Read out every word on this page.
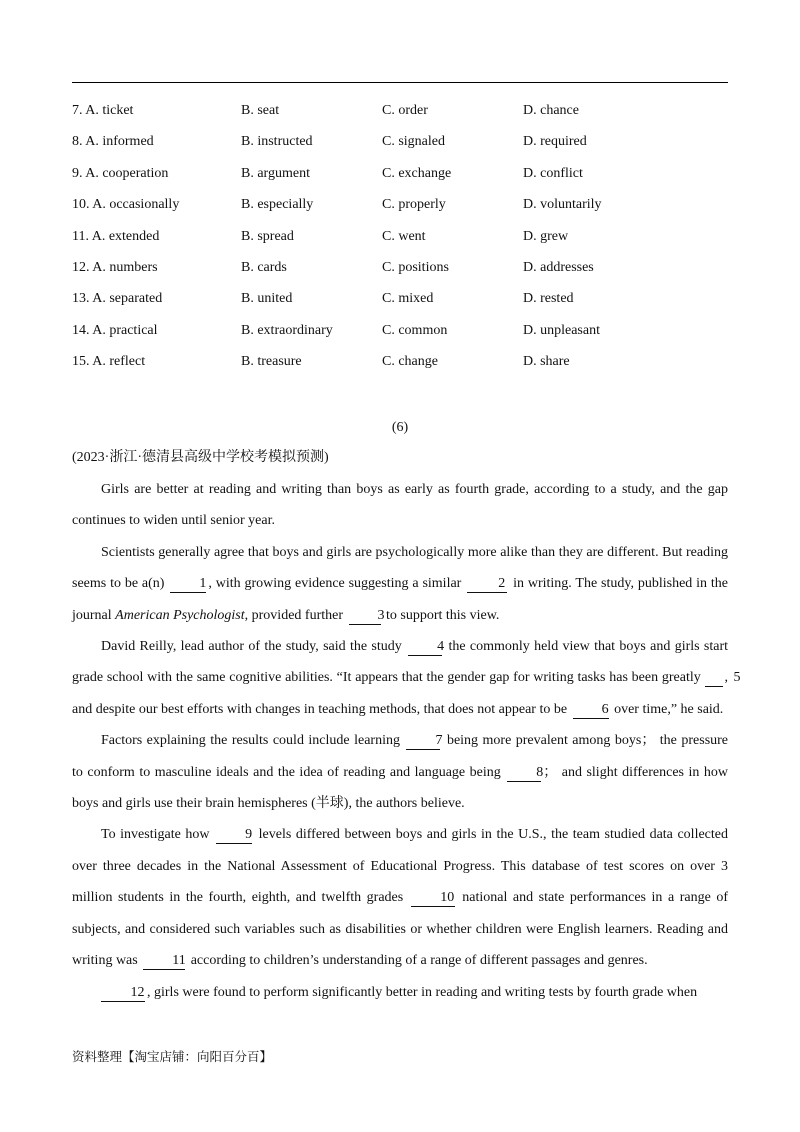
7. A. ticket	B. seat	C. order	D. chance
8. A. informed	B. instructed	C. signaled	D. required
9. A. cooperation	B. argument	C. exchange	D. conflict
10. A. occasionally	B. especially	C. properly	D. voluntarily
11. A. extended	B. spread	C. went	D. grew
12. A. numbers	B. cards	C. positions	D. addresses
13. A. separated	B. united	C. mixed	D. rested
14. A. practical	B. extraordinary	C. common	D. unpleasant
15. A. reflect	B. treasure	C. change	D. share
(6)
(2023·浙江·德清县高级中学校考模拟预测)

Girls are better at reading and writing than boys as early as fourth grade, according to a study, and the gap continues to widen until senior year.

Scientists generally agree that boys and girls are psychologically more alike than they are different. But reading seems to be a(n) 1 , with growing evidence suggesting a similar	2 in writing. The study, published in the journal American Psychologist, provided further 3 to support this view.

David Reilly, lead author of the study, said the study	4 the commonly held view that boys and girls start grade school with the same cognitive abilities. “It appears that the gender gap for writing tasks has been greatly 5, and despite our best efforts with changes in teaching methods, that does not appear to be 6 over time,” he said.

Factors explaining the results could include learning	7 being more prevalent among boys； the pressure to conform to masculine ideals and the idea of reading and language being	8； and slight differences in how boys and girls use their brain hemispheres (半球), the authors believe.

To investigate how	9 levels differed between boys and girls in the U.S., the team studied data collected over three decades in the National Assessment of Educational Progress. This database of test scores on over 3 million students in the fourth, eighth, and twelfth grades	10 national and state performances in a range of subjects, and considered such variables such as disabilities or whether children were English learners. Reading and writing was 11 according to children’s understanding of a range of different passages and genres.

12 , girls were found to perform significantly better in reading and writing tests by fourth grade when

资料整理【淘宝店铺：向阳百分百】
